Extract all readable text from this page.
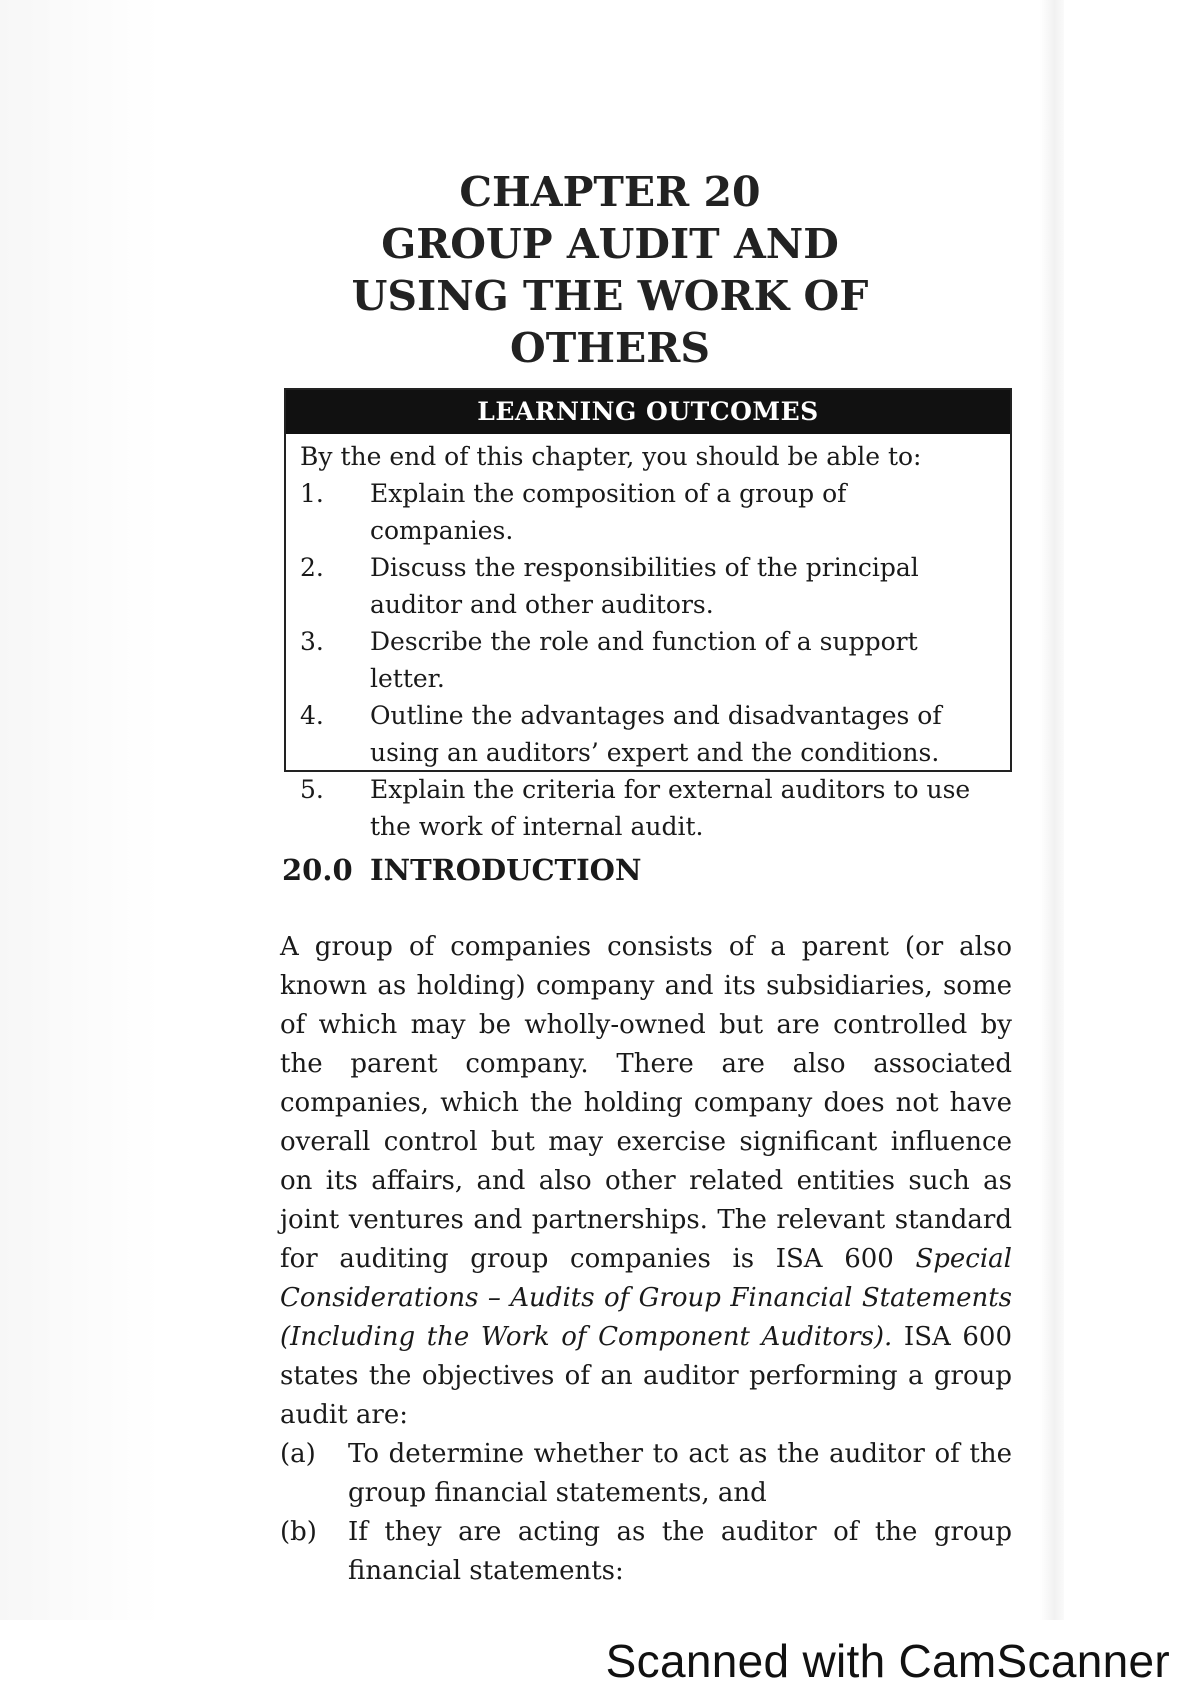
CHAPTER 20
GROUP AUDIT AND
USING THE WORK OF OTHERS
LEARNING OUTCOMES

By the end of this chapter, you should be able to:

1.	Explain the composition of a group of companies.
2.	Discuss the responsibilities of the principal auditor and other auditors.
3.	Describe the role and function of a support letter.
4.	Outline the advantages and disadvantages of using an auditors’ expert and the conditions.
5.	Explain the criteria for external auditors to use the work of internal audit.
20.0 INTRODUCTION

A group of companies consists of a parent (or also known as holding) company and its subsidiaries, some of which may be wholly-owned but are controlled by the parent company. There are also associated companies, which the holding company does not have overall control but may exercise significant influence on its affairs, and also other related entities such as joint ventures and partnerships. The relevant standard for auditing group companies is ISA 600 Special Considerations – Audits of Group Financial Statements (Including the Work of Component Auditors). ISA 600 states the objectives of an auditor performing a group audit are:

(a)	To determine whether to act as the auditor of the group financial statements, and
(b)	If they are acting as the auditor of the group financial statements:
Scanned with CamScanner
